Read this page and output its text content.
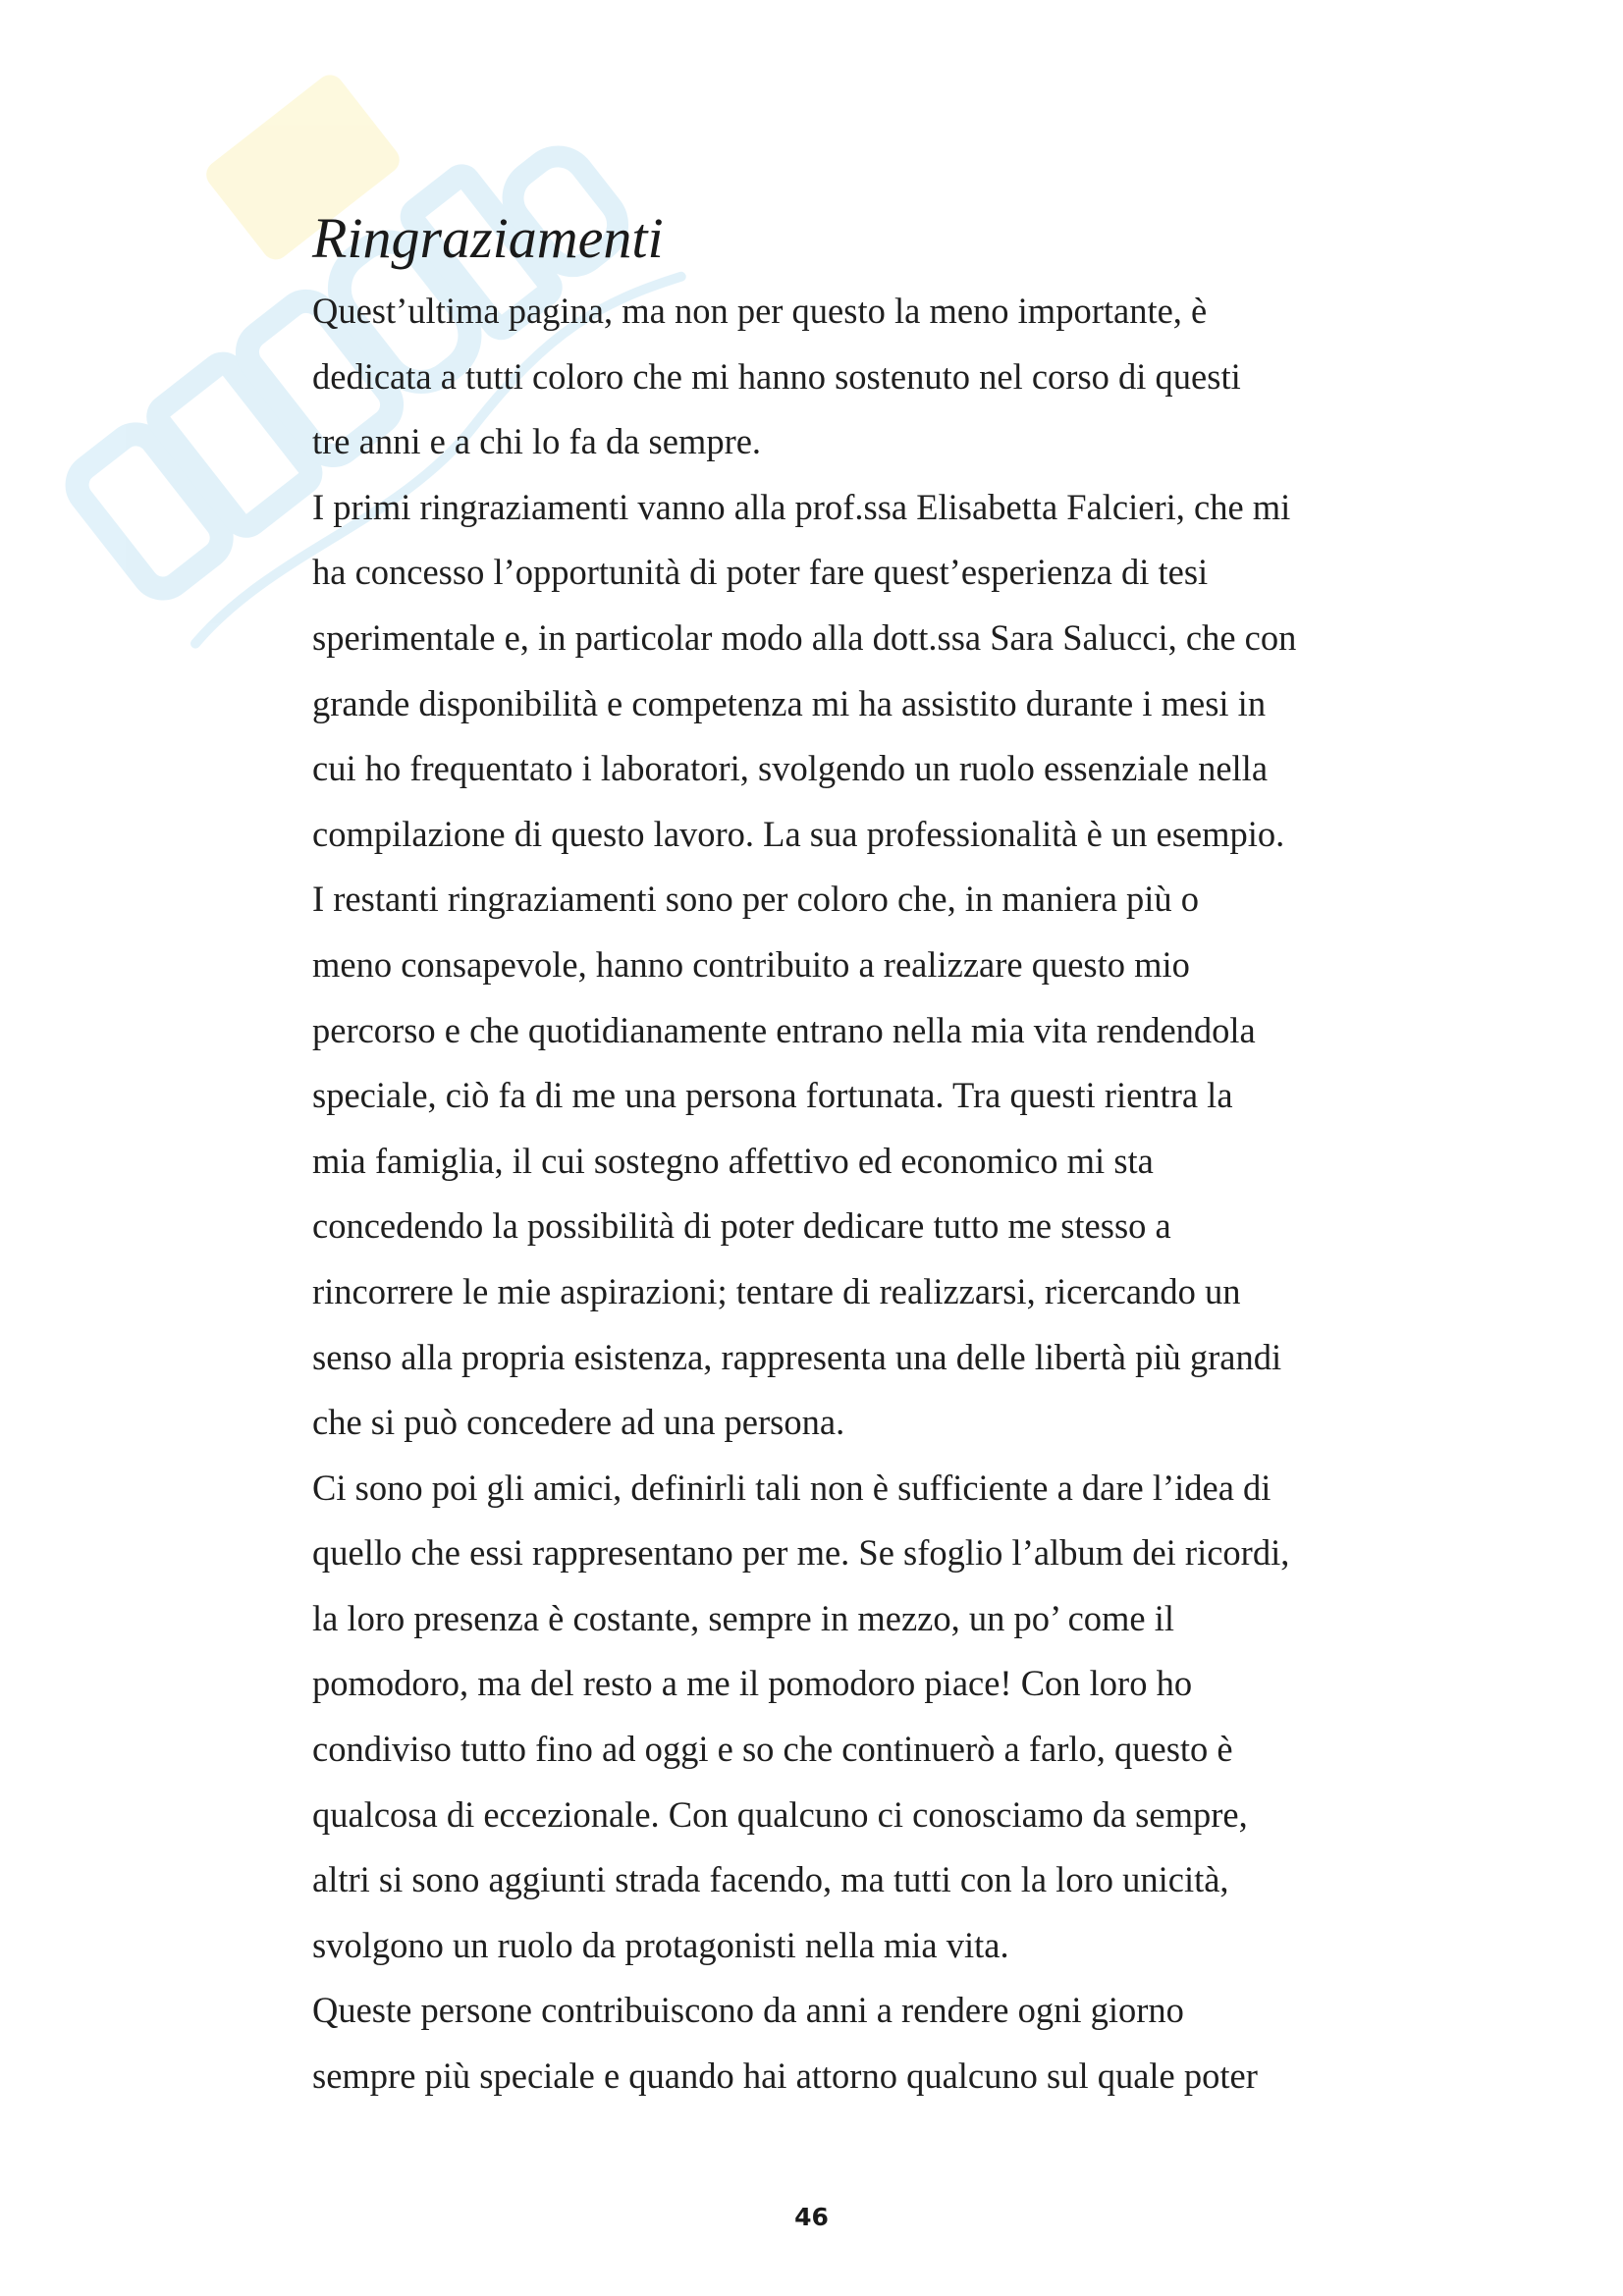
Ringraziamenti
Quest’ultima pagina, ma non per questo la meno importante, è
dedicata a tutti coloro che mi hanno sostenuto nel corso di questi
tre anni e a chi lo fa da sempre.
I primi ringraziamenti vanno alla prof.ssa Elisabetta Falcieri, che mi
ha concesso l’opportunità di poter fare quest’esperienza di tesi
sperimentale e, in particolar modo alla dott.ssa Sara Salucci, che con
grande disponibilità e competenza mi ha assistito durante i mesi in
cui ho frequentato i laboratori, svolgendo un ruolo essenziale nella
compilazione di questo lavoro. La sua professionalità è un esempio.
I restanti ringraziamenti sono per coloro che, in maniera più o
meno consapevole, hanno contribuito a realizzare questo mio
percorso e che quotidianamente entrano nella mia vita rendendola
speciale, ciò fa di me una persona fortunata. Tra questi rientra la
mia famiglia, il cui sostegno affettivo ed economico mi sta
concedendo la possibilità di poter dedicare tutto me stesso a
rincorrere le mie aspirazioni; tentare di realizzarsi, ricercando un
senso alla propria esistenza, rappresenta una delle libertà più grandi
che si può concedere ad una persona.
Ci sono poi gli amici, definirli tali non è sufficiente a dare l’idea di
quello che essi rappresentano per me. Se sfoglio l’album dei ricordi,
la loro presenza è costante, sempre in mezzo, un po’ come il
pomodoro, ma del resto a me il pomodoro piace! Con loro ho
condiviso tutto fino ad oggi e so che continuerò a farlo, questo è
qualcosa di eccezionale. Con qualcuno ci conosciamo da sempre,
altri si sono aggiunti strada facendo, ma tutti con la loro unicità,
svolgono un ruolo da protagonisti nella mia vita.
Queste persone contribuiscono da anni a rendere ogni giorno
sempre più speciale e quando hai attorno qualcuno sul quale poter
46
